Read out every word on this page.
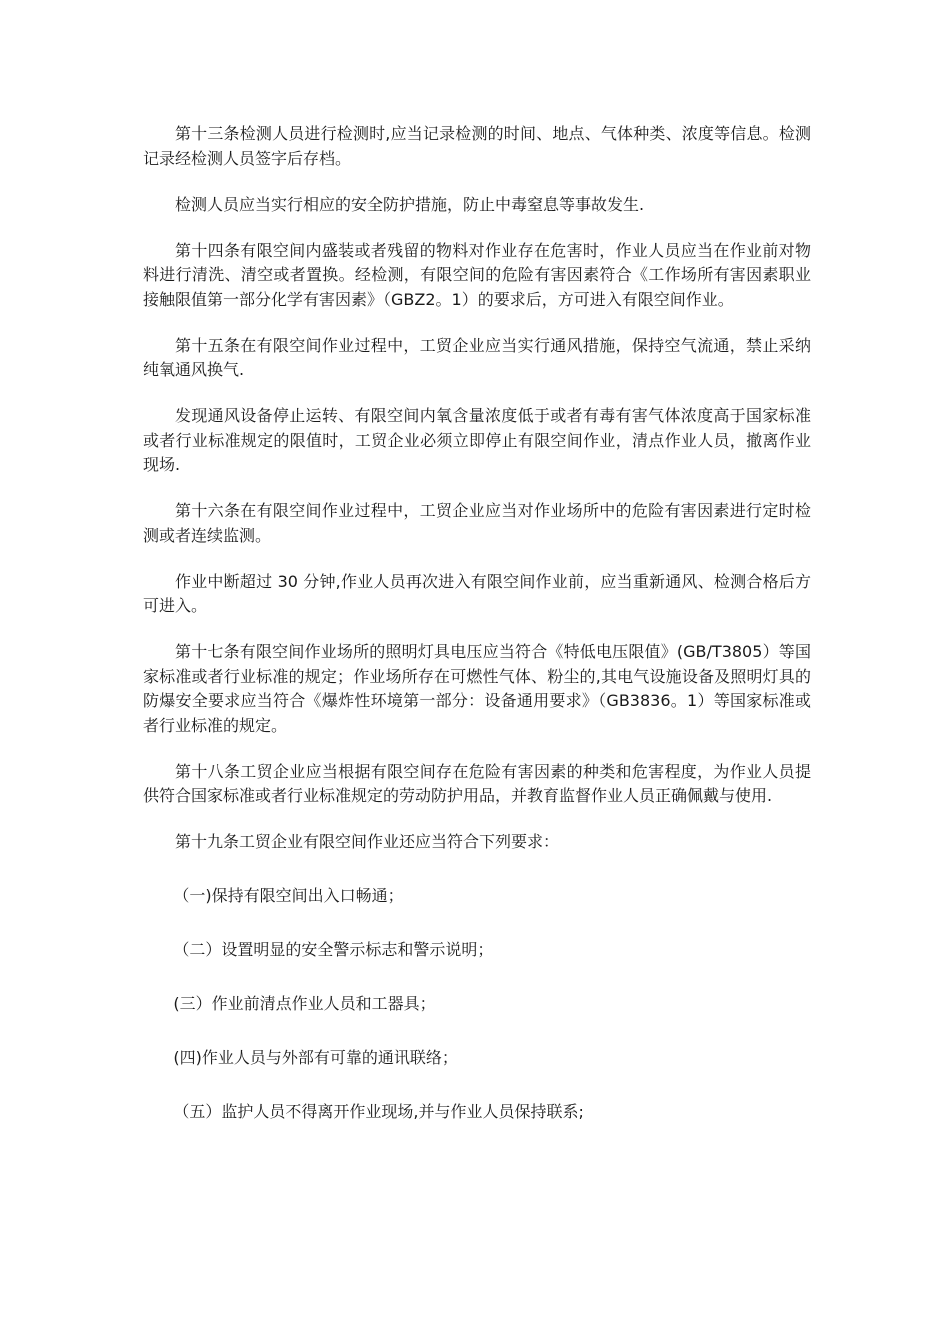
第十三条检测人员进行检测时,应当记录检测的时间、地点、气体种类、浓度等信息。检测记录经检测人员签字后存档。

检测人员应当实行相应的安全防护措施，防止中毒窒息等事故发生.

第十四条有限空间内盛装或者残留的物料对作业存在危害时，作业人员应当在作业前对物料进行清洗、清空或者置换。经检测，有限空间的危险有害因素符合《工作场所有害因素职业接触限值第一部分化学有害因素》（GBZ2。1）的要求后，方可进入有限空间作业。

第十五条在有限空间作业过程中，工贸企业应当实行通风措施，保持空气流通，禁止采纳纯氧通风换气.

发现通风设备停止运转、有限空间内氧含量浓度低于或者有毒有害气体浓度高于国家标准或者行业标准规定的限值时，工贸企业必须立即停止有限空间作业，清点作业人员，撤离作业现场.

第十六条在有限空间作业过程中，工贸企业应当对作业场所中的危险有害因素进行定时检测或者连续监测。

作业中断超过 30 分钟,作业人员再次进入有限空间作业前，应当重新通风、检测合格后方可进入。

第十七条有限空间作业场所的照明灯具电压应当符合《特低电压限值》(GB/T3805）等国家标准或者行业标准的规定；作业场所存在可燃性气体、粉尘的,其电气设施设备及照明灯具的防爆安全要求应当符合《爆炸性环境第一部分：设备通用要求》（GB3836。1）等国家标准或者行业标准的规定。

第十八条工贸企业应当根据有限空间存在危险有害因素的种类和危害程度，为作业人员提供符合国家标准或者行业标准规定的劳动防护用品，并教育监督作业人员正确佩戴与使用.

第十九条工贸企业有限空间作业还应当符合下列要求：

（一)保持有限空间出入口畅通；
（二）设置明显的安全警示标志和警示说明；
(三）作业前清点作业人员和工器具；
(四)作业人员与外部有可靠的通讯联络；
（五）监护人员不得离开作业现场,并与作业人员保持联系;
